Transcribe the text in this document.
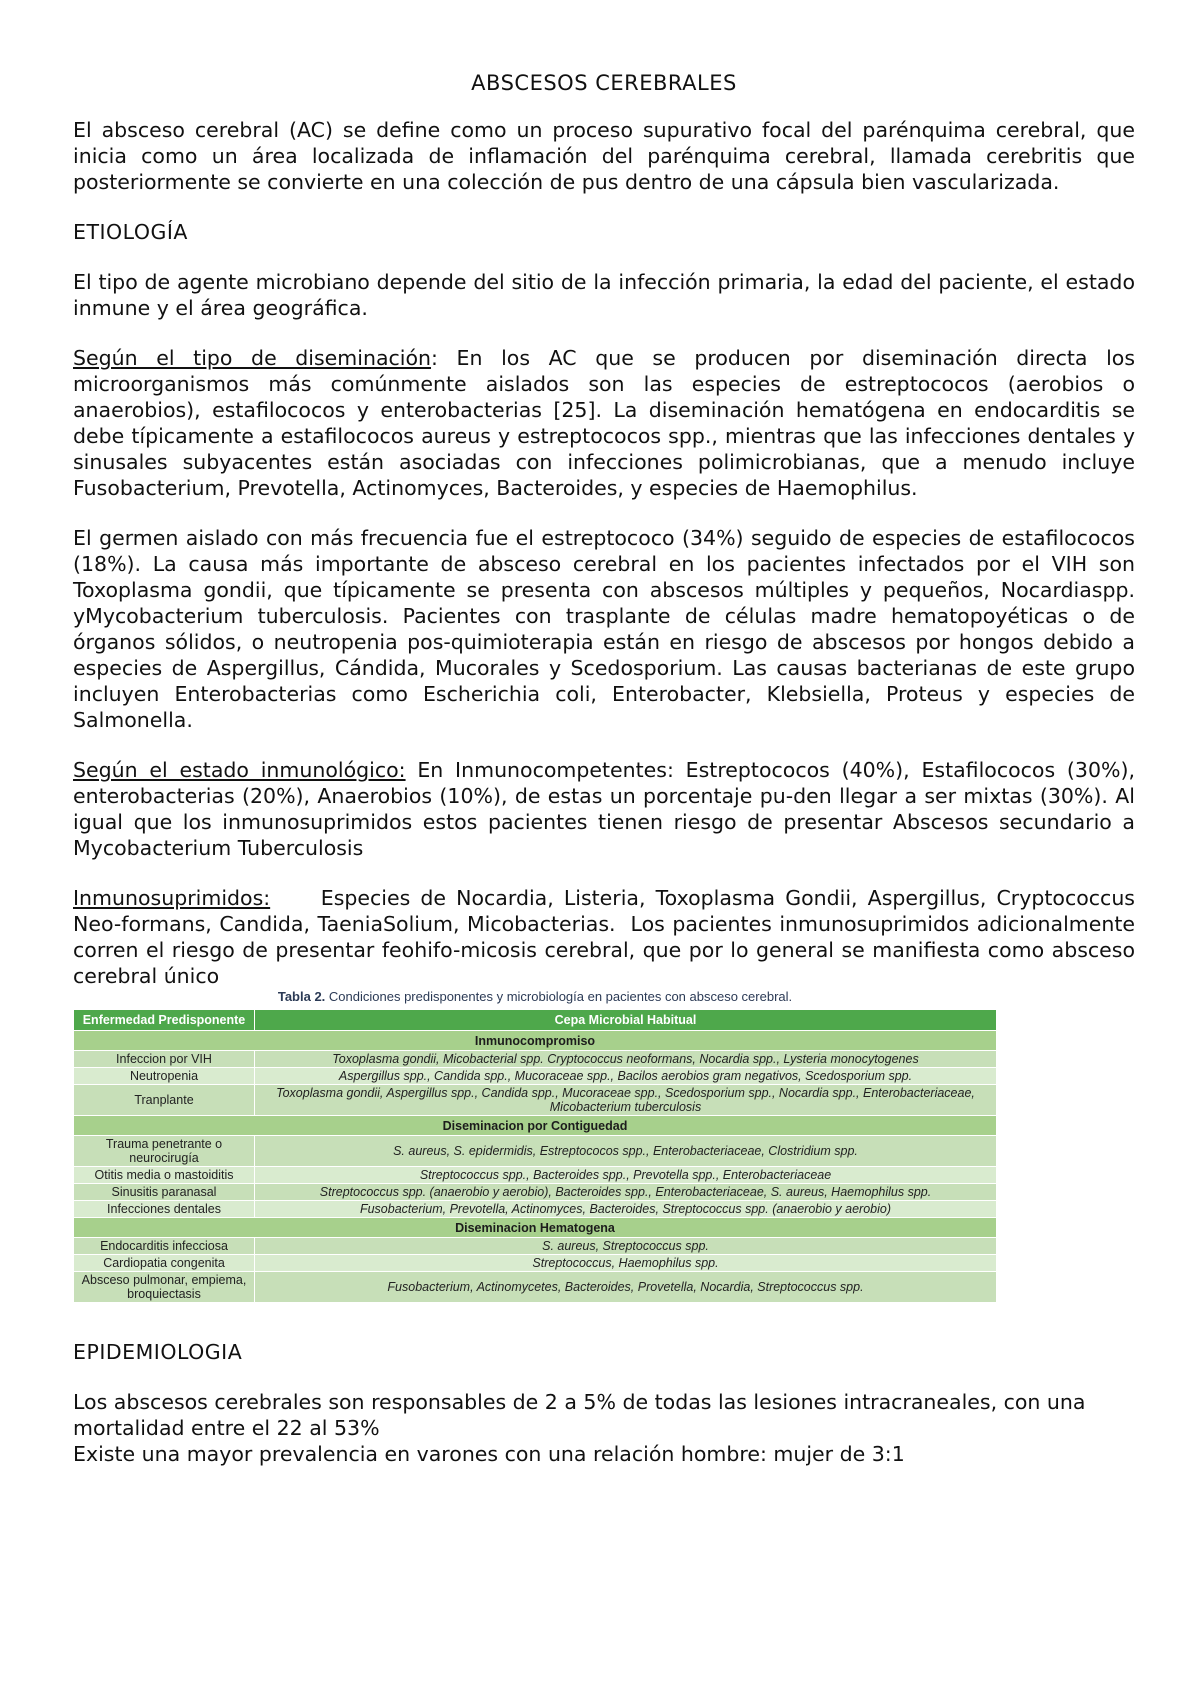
ABSCESOS CEREBRALES

El absceso cerebral (AC) se define como un proceso supurativo focal del parénquima cerebral, que inicia como un área localizada de inflamación del parénquima cerebral, llamada cerebritis que posteriormente se convierte en una colección de pus dentro de una cápsula bien vascularizada.

ETIOLOGÍA

El tipo de agente microbiano depende del sitio de la infección primaria, la edad del paciente, el estado inmune y el área geográfica.

Según el tipo de diseminación: En los AC que se producen por diseminación directa los microorganismos más comúnmente aislados son las especies de estreptococos (aerobios o anaerobios), estafilococos y enterobacterias [25]. La diseminación hematógena en endocarditis se debe típicamente a estafilococos aureus y estreptococos spp., mientras que las infecciones dentales y sinusales subyacentes están asociadas con infecciones polimicrobianas, que a menudo incluye Fusobacterium, Prevotella, Actinomyces, Bacteroides, y especies de Haemophilus.

El germen aislado con más frecuencia fue el estreptococo (34%) seguido de especies de estafilococos (18%). La causa más importante de absceso cerebral en los pacientes infectados por el VIH son Toxoplasma gondii, que típicamente se presenta con abscesos múltiples y pequeños, Nocardiaspp. yMycobacterium tuberculosis. Pacientes con trasplante de células madre hematopoyéticas o de órganos sólidos, o neutropenia pos-quimioterapia están en riesgo de abscesos por hongos debido a especies de Aspergillus, Cándida, Mucorales y Scedosporium. Las causas bacterianas de este grupo incluyen Enterobacterias como Escherichia coli, Enterobacter, Klebsiella, Proteus y especies de Salmonella.

Según el estado inmunológico: En Inmunocompetentes: Estreptococos (40%), Estafilococos (30%), enterobacterias (20%), Anaerobios (10%), de estas un porcentaje pu-den llegar a ser mixtas (30%). Al igual que los inmunosuprimidos estos pacientes tienen riesgo de presentar Abscesos secundario a Mycobacterium Tuberculosis

Inmunosuprimidos:     Especies de Nocardia, Listeria, Toxoplasma Gondii, Aspergillus, Cryptococcus Neo-formans, Candida, TaeniaSolium, Micobacterias.  Los pacientes inmunosuprimidos adicionalmente corren el riesgo de presentar feohifo-micosis cerebral, que por lo general se manifiesta como absceso cerebral único

Tabla 2. Condiciones predisponentes y microbiología en pacientes con absceso cerebral.
Enfermedad Predisponente	Cepa Microbial Habitual
Inmunocompromiso	
Infeccion por VIH	Toxoplasma gondii, Micobacterial spp. Cryptococcus neoformans, Nocardia spp., Lysteria monocytogenes
Neutropenia	Aspergillus spp., Candida spp., Mucoraceae spp., Bacilos aerobios gram negativos, Scedosporium spp.
Tranplante	Toxoplasma gondii, Aspergillus spp., Candida spp., Mucoraceae spp., Scedosporium spp., Nocardia spp., Enterobacteriaceae, Micobacterium tuberculosis
Diseminacion por Contiguedad	
Trauma penetrante o neurocirugía	S. aureus, S. epidermidis, Estreptococos spp., Enterobacteriaceae, Clostridium spp.
Otitis media o mastoiditis	Streptococcus spp., Bacteroides spp., Prevotella spp., Enterobacteriaceae
Sinusitis paranasal	Streptococcus spp. (anaerobio y aerobio), Bacteroides spp., Enterobacteriaceae, S. aureus, Haemophilus spp.
Infecciones dentales	Fusobacterium, Prevotella, Actinomyces, Bacteroides, Streptococcus spp. (anaerobio y aerobio)
Diseminacion Hematogena	
Endocarditis infecciosa	S. aureus, Streptococcus spp.
Cardiopatia congenita	Streptococcus, Haemophilus spp.
Absceso pulmonar, empiema, broquiectasis	Fusobacterium, Actinomycetes, Bacteroides, Provetella, Nocardia, Streptococcus spp.
EPIDEMIOLOGIA

Los abscesos cerebrales son responsables de 2 a 5% de todas las lesiones intracraneales, con una mortalidad entre el 22 al 53%

Existe una mayor prevalencia en varones con una relación hombre: mujer de 3:1
